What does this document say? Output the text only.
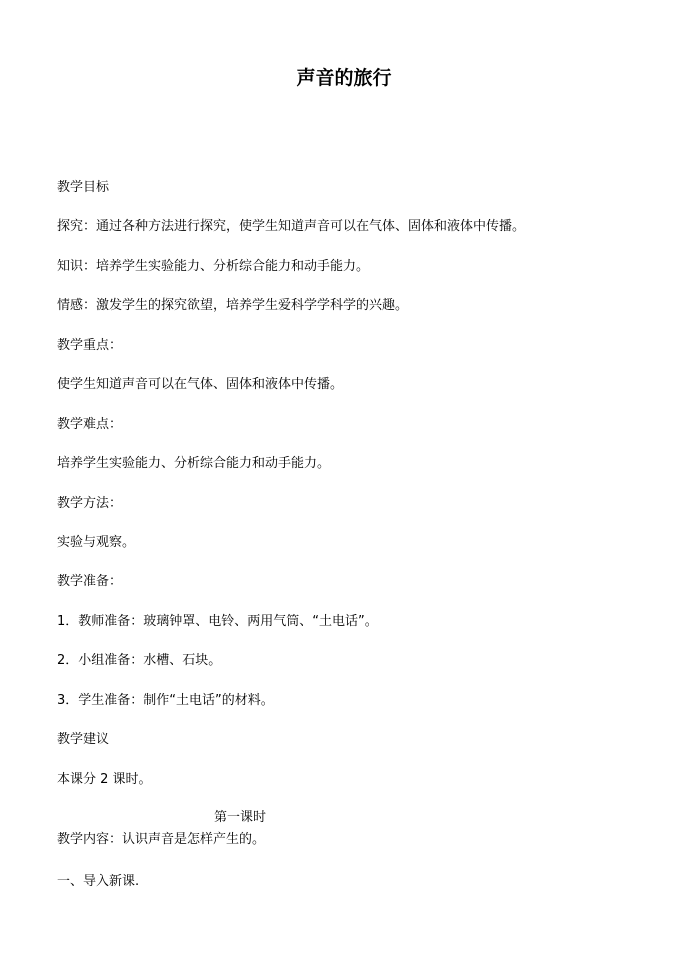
声音的旅行
教学目标
探究：通过各种方法进行探究，使学生知道声音可以在气体、固体和液体中传播。
知识：培养学生实验能力、分析综合能力和动手能力。
情感：激发学生的探究欲望，培养学生爱科学学科学的兴趣。
教学重点：
使学生知道声音可以在气体、固体和液体中传播。
教学难点：
培养学生实验能力、分析综合能力和动手能力。
教学方法：
实验与观察。
教学准备：
1．教师准备：玻璃钟罩、电铃、两用气筒、“土电话”。
2．小组准备：水槽、石块。
3．学生准备：制作“土电话”的材料。
教学建议
本课分 2 课时。
第一课时
教学内容：认识声音是怎样产生的。
一、导入新课.
